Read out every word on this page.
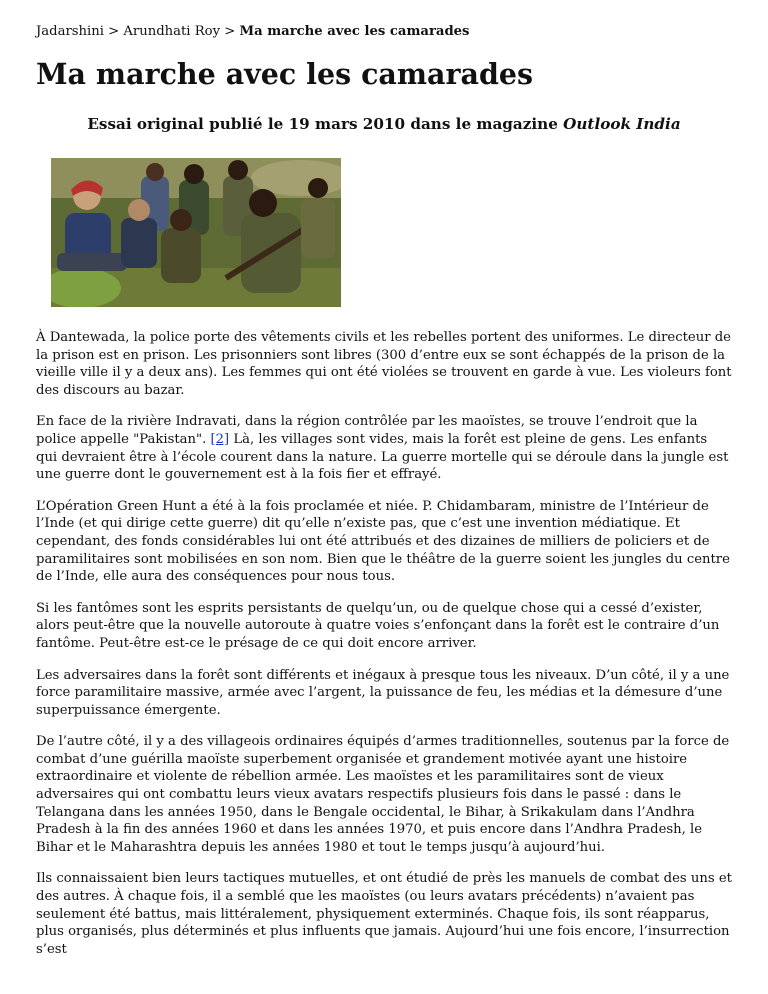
Jadarshini > Arundhati Roy > Ma marche avec les camarades
Ma marche avec les camarades

Essai original publié le 19 mars 2010 dans le magazine Outlook India

À Dantewada, la police porte des vêtements civils et les rebelles portent des uniformes. Le directeur de la prison est en prison. Les prisonniers sont libres (300 d’entre eux se sont échappés de la prison de la vieille ville il y a deux ans). Les femmes qui ont été violées se trouvent en garde à vue. Les violeurs font des discours au bazar.

En face de la rivière Indravati, dans la région contrôlée par les maoïstes, se trouve l’endroit que la police appelle "Pakistan". [2] Là, les villages sont vides, mais la forêt est pleine de gens. Les enfants qui devraient être à l’école courent dans la nature. La guerre mortelle qui se déroule dans la jungle est une guerre dont le gouvernement est à la fois fier et effrayé.

L’Opération Green Hunt a été à la fois proclamée et niée. P. Chidambaram, ministre de l’Intérieur de l’Inde (et qui dirige cette guerre) dit qu’elle n’existe pas, que c’est une invention médiatique. Et cependant, des fonds considérables lui ont été attribués et des dizaines de milliers de policiers et de paramilitaires sont mobilisées en son nom. Bien que le théâtre de la guerre soient les jungles du centre de l’Inde, elle aura des conséquences pour nous tous.

Si les fantômes sont les esprits persistants de quelqu’un, ou de quelque chose qui a cessé d’exister, alors peut-être que la nouvelle autoroute à quatre voies s’enfonçant dans la forêt est le contraire d’un fantôme. Peut-être est-ce le présage de ce qui doit encore arriver.

Les adversaires dans la forêt sont différents et inégaux à presque tous les niveaux. D’un côté, il y a une force paramilitaire massive, armée avec l’argent, la puissance de feu, les médias et la démesure d’une superpuissance émergente.

De l’autre côté, il y a des villageois ordinaires équipés d’armes traditionnelles, soutenus par la force de combat d’une guérilla maoïste superbement organisée et grandement motivée ayant une histoire extraordinaire et violente de rébellion armée. Les maoïstes et les paramilitaires sont de vieux adversaires qui ont combattu leurs vieux avatars respectifs plusieurs fois dans le passé : dans le Telangana dans les années 1950, dans le Bengale occidental, le Bihar, à Srikakulam dans l’Andhra Pradesh à la fin des années 1960 et dans les années 1970, et puis encore dans l’Andhra Pradesh, le Bihar et le Maharashtra depuis les années 1980 et tout le temps jusqu’à aujourd’hui.

Ils connaissaient bien leurs tactiques mutuelles, et ont étudié de près les manuels de combat des uns et des autres. À chaque fois, il a semblé que les maoïstes (ou leurs avatars précédents) n’avaient pas seulement été battus, mais littéralement, physiquement exterminés. Chaque fois, ils sont réapparus, plus organisés, plus déterminés et plus influents que jamais. Aujourd’hui une fois encore, l’insurrection s’est
